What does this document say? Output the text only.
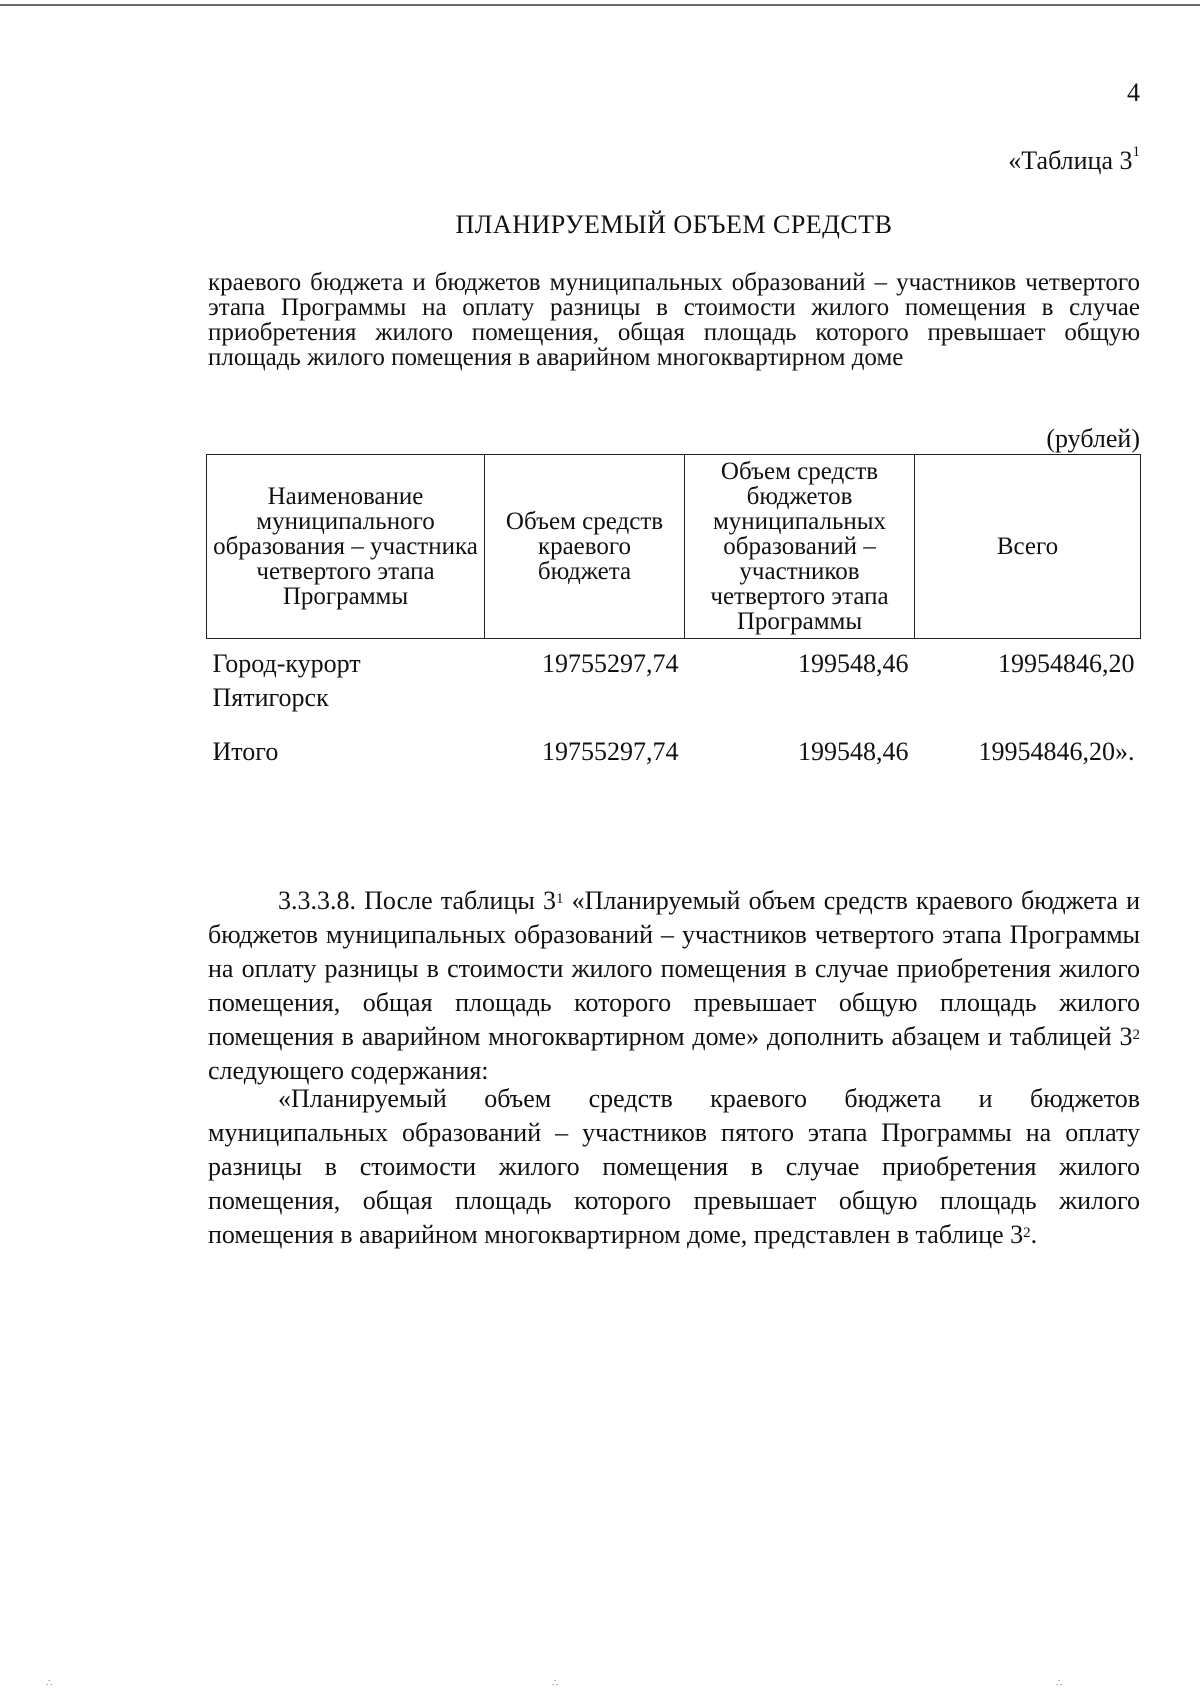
4
«Таблица $3^1$
ПЛАНИРУЕМЫЙ ОБЪЕМ СРЕДСТВ
краевого бюджета и бюджетов муниципальных образований – участников четвертого этапа Программы на оплату разницы в стоимости жилого помещения в случае приобретения жилого помещения, общая площадь которого превышает общую площадь жилого помещения в аварийном многоквартирном доме
(рублей)
Наименование муниципального образования – участника четвертого этапа Программы	Объем средств краевого бюджета	Объем средств бюджетов муниципальных образований – участников четвертого этапа Программы	Всего
Город-курорт Пятигорск	19755297,74	199548,46	19954846,20
Итого	19755297,74	199548,46	19954846,20».
3.3.3.8. После таблицы $3^1$ «Планируемый объем средств краевого бюджета и бюджетов муниципальных образований – участников четвертого этапа Программы на оплату разницы в стоимости жилого помещения в случае приобретения жилого помещения, общая площадь которого превышает общую площадь жилого помещения в аварийном многоквартирном доме» дополнить абзацем и таблицей $3^2$ следующего содержания:
«Планируемый объем средств краевого бюджета и бюджетов муниципальных образований – участников пятого этапа Программы на оплату разницы в стоимости жилого помещения в случае приобретения жилого помещения, общая площадь которого превышает общую площадь жилого помещения в аварийном многоквартирном доме, представлен в таблице $3^2$.
∴	∴	∴
